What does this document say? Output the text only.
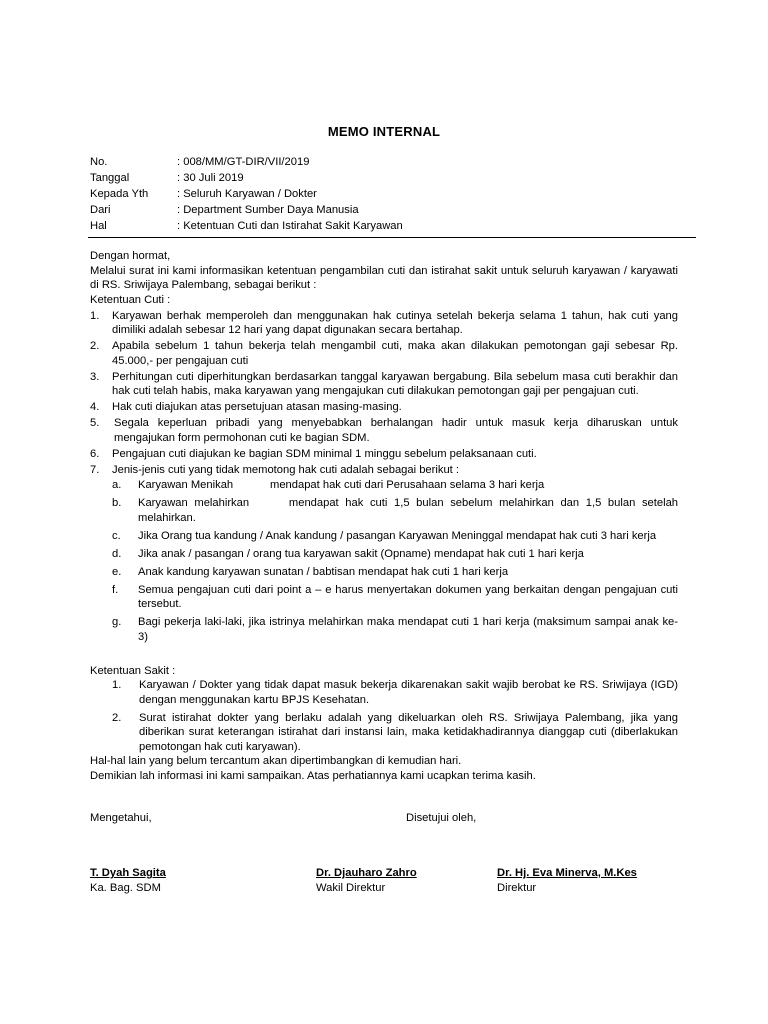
MEMO INTERNAL
No.	: 008/MM/GT-DIR/VII/2019
Tanggal	: 30 Juli 2019
Kepada Yth	: Seluruh Karyawan / Dokter
Dari	: Department Sumber Daya Manusia
Hal	: Ketentuan Cuti dan Istirahat Sakit Karyawan

Dengan hormat,

Melalui surat ini kami informasikan ketentuan pengambilan cuti dan istirahat sakit untuk seluruh karyawan / karyawati di RS. Sriwijaya Palembang, sebagai berikut :

Ketentuan Cuti :

1.	Karyawan berhak memperoleh dan menggunakan hak cutinya setelah bekerja selama 1 tahun, hak cuti yang dimiliki adalah sebesar 12 hari yang dapat digunakan secara bertahap.
2.	Apabila sebelum 1 tahun bekerja telah mengambil cuti, maka akan dilakukan pemotongan gaji sebesar Rp. 45.000,- per pengajuan cuti
3.	Perhitungan cuti diperhitungkan berdasarkan tanggal karyawan bergabung. Bila sebelum masa cuti berakhir dan hak cuti telah habis, maka karyawan yang mengajukan cuti dilakukan pemotongan gaji per pengajuan cuti.
4.	Hak cuti diajukan atas persetujuan atasan masing-masing.
5.	Segala keperluan pribadi yang menyebabkan berhalangan hadir untuk masuk kerja diharuskan untuk mengajukan form permohonan cuti ke bagian SDM.
6.	Pengajuan cuti diajukan ke bagian SDM minimal 1 minggu sebelum pelaksanaan cuti.
7.	Jenis-jenis cuti yang tidak memotong hak cuti adalah sebagai berikut :
a.	Karyawan Menikah	mendapat hak cuti dari Perusahaan selama 3 hari kerja
b.	Karyawan melahirkan	mendapat hak cuti 1,5 bulan sebelum melahirkan dan 1,5 bulan setelah melahirkan.
c.	Jika Orang tua kandung / Anak kandung / pasangan Karyawan Meninggal mendapat hak cuti 3 hari kerja
d.	Jika anak / pasangan / orang tua karyawan sakit (Opname) mendapat hak cuti 1 hari kerja
e.	Anak kandung karyawan sunatan / babtisan mendapat hak cuti 1 hari kerja
f.	Semua pengajuan cuti dari point a – e harus menyertakan dokumen yang berkaitan dengan pengajuan cuti tersebut.
g.	Bagi pekerja laki-laki, jika istrinya melahirkan maka mendapat cuti 1 hari kerja (maksimum sampai anak ke-3)

Ketentuan Sakit :

1.	Karyawan / Dokter yang tidak dapat masuk bekerja dikarenakan sakit wajib berobat ke RS. Sriwijaya (IGD) dengan menggunakan kartu BPJS Kesehatan.
2.	Surat istirahat dokter yang berlaku adalah yang dikeluarkan oleh RS. Sriwijaya Palembang, jika yang diberikan surat keterangan istirahat dari instansi lain, maka ketidakhadirannya dianggap cuti (diberlakukan pemotongan hak cuti karyawan).

Hal-hal lain yang belum tercantum akan dipertimbangkan di kemudian hari.

Demikian lah informasi ini kami sampaikan. Atas perhatiannya kami ucapkan terima kasih.

Mengetahui,	Disetujui oleh,
T. Dyah Sagita
Ka. Bag. SDM
Dr. Djauharo Zahro
Wakil Direktur
Dr. Hj. Eva Minerva, M.Kes
Direktur
